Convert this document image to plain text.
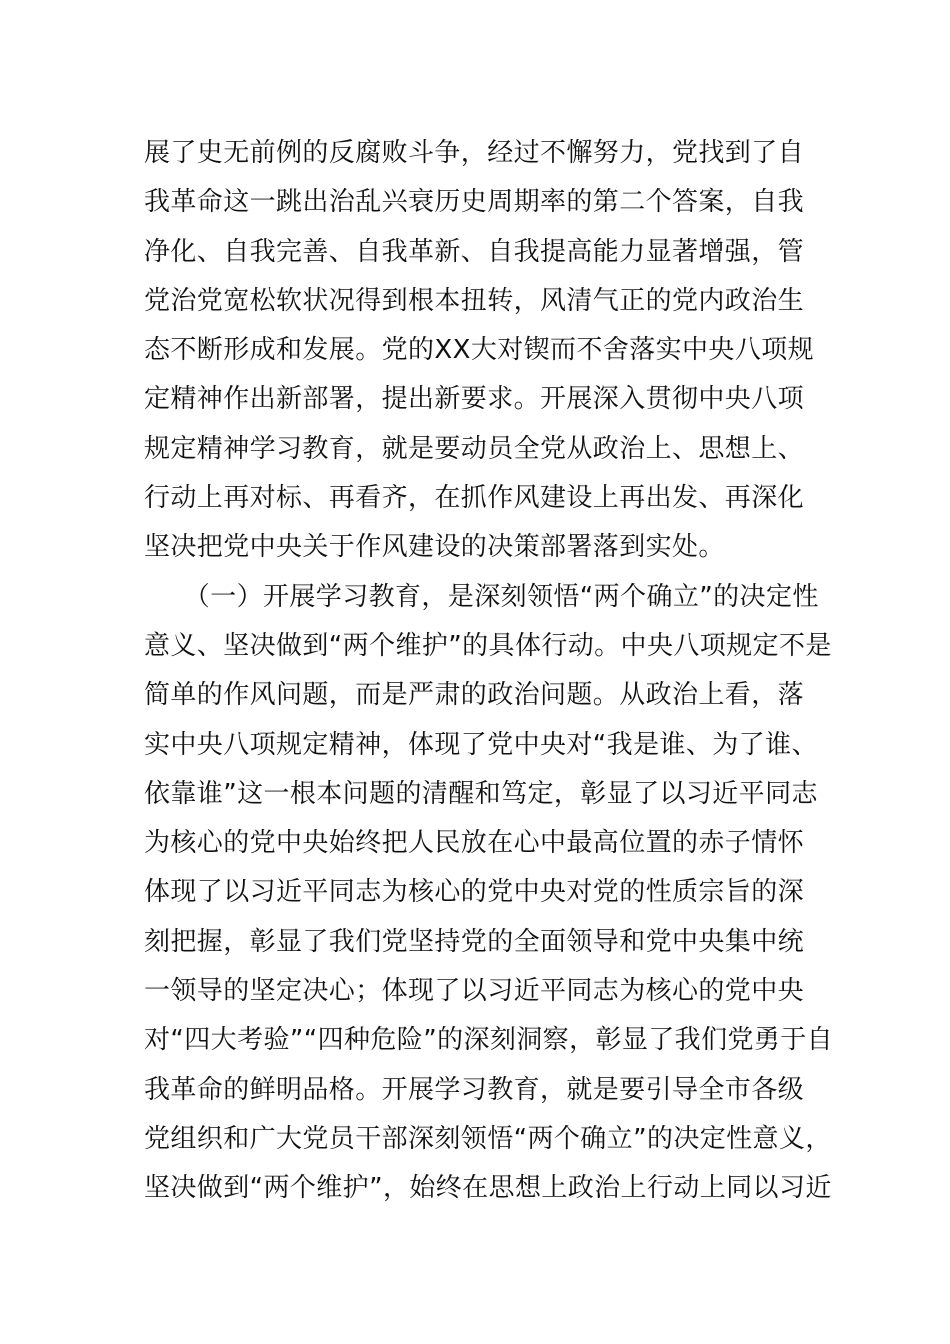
展了史无前例的反腐败斗争，经过不懈努力，党找到了自
我革命这一跳出治乱兴衰历史周期率的第二个答案，自我
净化、自我完善、自我革新、自我提高能力显著增强，管
党治党宽松软状况得到根本扭转，风清气正的党内政治生
态不断形成和发展。党的XX大对锲而不舍落实中央八项规
定精神作出新部署，提出新要求。开展深入贯彻中央八项
规定精神学习教育，就是要动员全党从政治上、思想上、
行动上再对标、再看齐，在抓作风建设上再出发、再深化
坚决把党中央关于作风建设的决策部署落到实处。
　　（一）开展学习教育，是深刻领悟“两个确立”的决定性
意义、坚决做到“两个维护”的具体行动。中央八项规定不是
简单的作风问题，而是严肃的政治问题。从政治上看，落
实中央八项规定精神，体现了党中央对“我是谁、为了谁、
依靠谁”这一根本问题的清醒和笃定，彰显了以习近平同志
为核心的党中央始终把人民放在心中最高位置的赤子情怀
体现了以习近平同志为核心的党中央对党的性质宗旨的深
刻把握，彰显了我们党坚持党的全面领导和党中央集中统
一领导的坚定决心；体现了以习近平同志为核心的党中央
对“四大考验”“四种危险”的深刻洞察，彰显了我们党勇于自
我革命的鲜明品格。开展学习教育，就是要引导全市各级
党组织和广大党员干部深刻领悟“两个确立”的决定性意义，
坚决做到“两个维护”，始终在思想上政治上行动上同以习近
